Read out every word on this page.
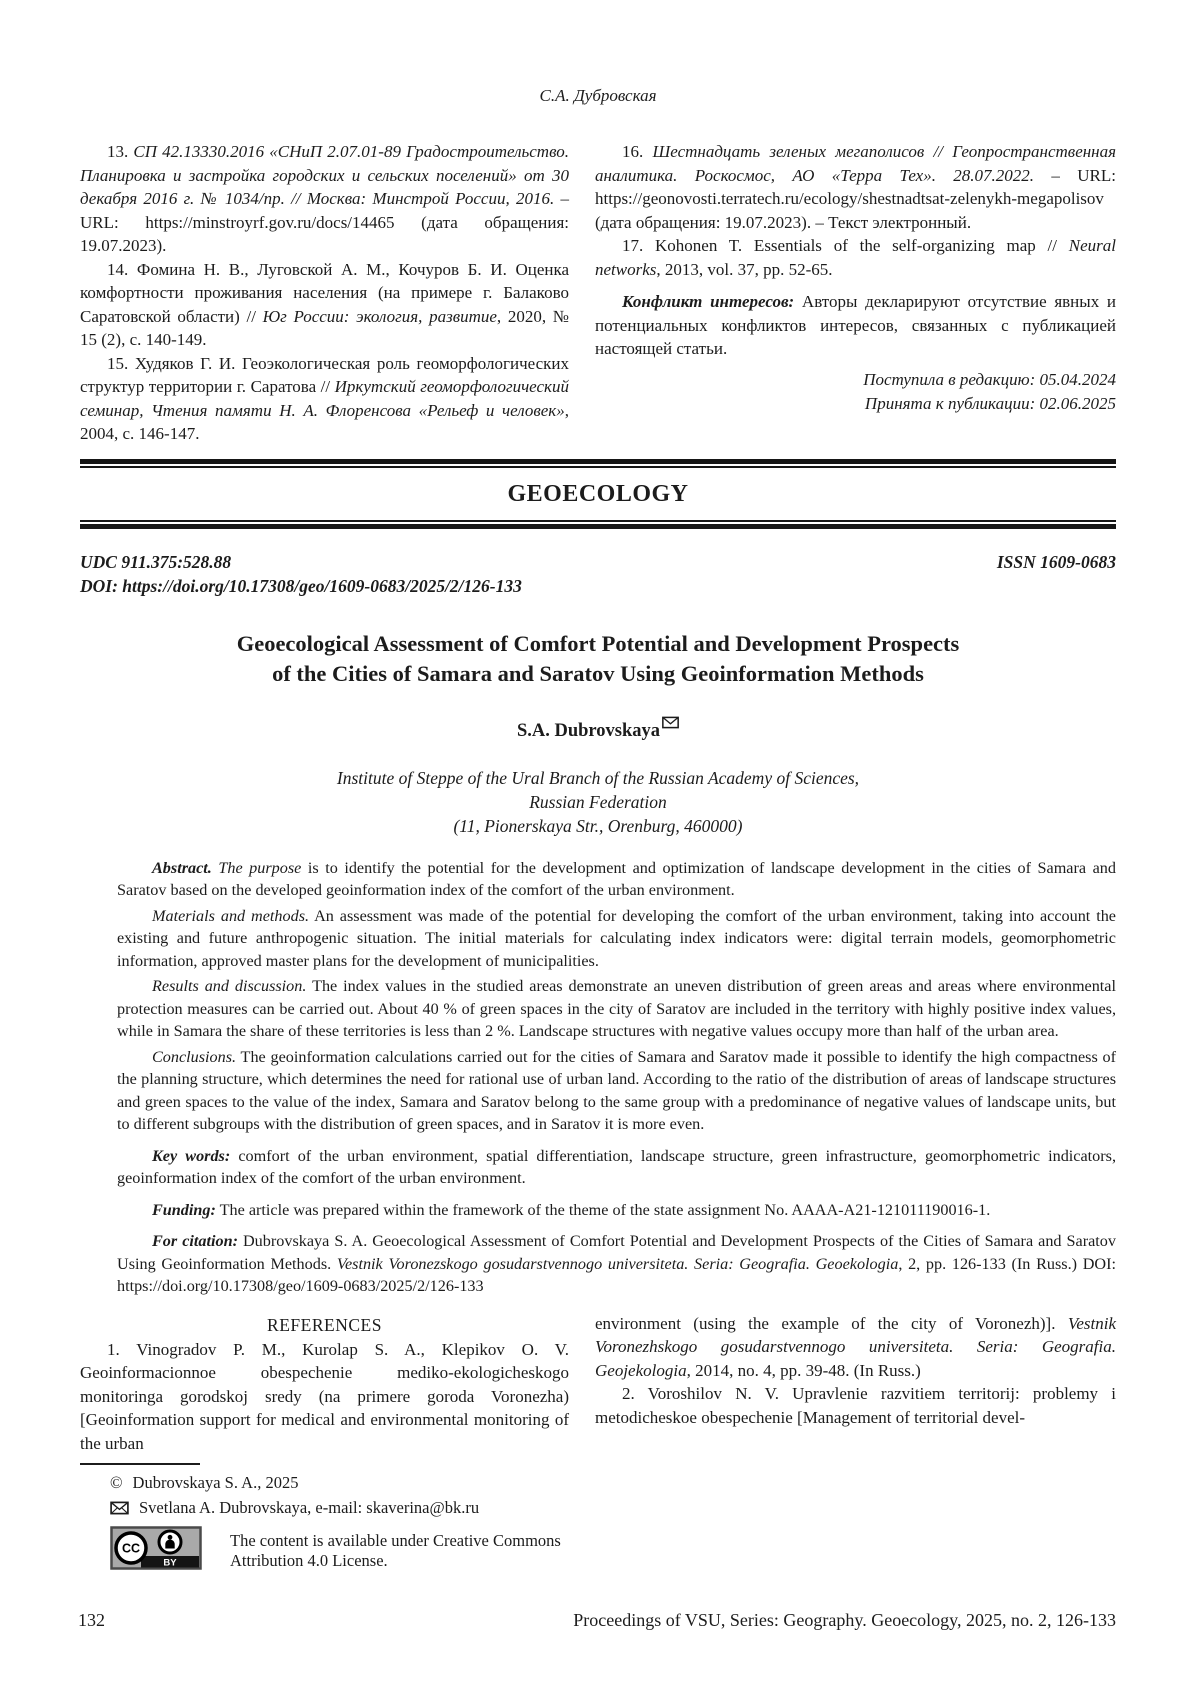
С.А. Дубровская

13. СП 42.13330.2016 «СНиП 2.07.01-89 Градостроительство. Планировка и застройка городских и сельских поселений» от 30 декабря 2016 г. № 1034/пр. // Москва: Минстрой России, 2016. – URL: https://minstroyrf.gov.ru/docs/14465 (дата обращения: 19.07.2023).

14. Фомина Н. В., Луговской А. М., Кочуров Б. И. Оценка комфортности проживания населения (на примере г. Балаково Саратовской области) // Юг России: экология, развитие, 2020, № 15 (2), с. 140-149.

15. Худяков Г. И. Геоэкологическая роль геоморфологических структур территории г. Саратова // Иркутский геоморфологический семинар, Чтения памяти Н. А. Флоренсова «Рельеф и человек», 2004, с. 146-147.

16. Шестнадцать зеленых мегаполисов // Геопространственная аналитика. Роскосмос, АО «Терра Тех». 28.07.2022. – URL: https://geonovosti.terratech.ru/ecology/shestnadtsat-zelenykh-megapolisov (дата обращения: 19.07.2023). – Текст электронный.

17. Kohonen T. Essentials of the self-organizing map // Neural networks, 2013, vol. 37, pp. 52-65.

Конфликт интересов: Авторы декларируют отсутствие явных и потенциальных конфликтов интересов, связанных с публикацией настоящей статьи.

Поступила в редакцию: 05.04.2024
Принята к публикации: 02.06.2025
GEOECOLOGY
UDC 911.375:528.88	ISSN 1609-0683
DOI: https://doi.org/10.17308/geo/1609-0683/2025/2/126-133
Geoecological Assessment of Comfort Potential and Development Prospects
of the Cities of Samara and Saratov Using Geoinformation Methods
S.A. Dubrovskaya
Institute of Steppe of the Ural Branch of the Russian Academy of Sciences,
Russian Federation
(11, Pionerskaya Str., Orenburg, 460000)

Abstract. The purpose is to identify the potential for the development and optimization of landscape development in the cities of Samara and Saratov based on the developed geoinformation index of the comfort of the urban environment.

Materials and methods. An assessment was made of the potential for developing the comfort of the urban environment, taking into account the existing and future anthropogenic situation. The initial materials for calculating index indicators were: digital terrain models, geomorphometric information, approved master plans for the development of municipalities.

Results and discussion. The index values in the studied areas demonstrate an uneven distribution of green areas and areas where environmental protection measures can be carried out. About 40 % of green spaces in the city of Saratov are included in the territory with highly positive index values, while in Samara the share of these territories is less than 2 %. Landscape structures with negative values occupy more than half of the urban area.

Conclusions. The geoinformation calculations carried out for the cities of Samara and Saratov made it possible to identify the high compactness of the planning structure, which determines the need for rational use of urban land. According to the ratio of the distribution of areas of landscape structures and green spaces to the value of the index, Samara and Saratov belong to the same group with a predominance of negative values of landscape units, but to different subgroups with the distribution of green spaces, and in Saratov it is more even.

Key words: comfort of the urban environment, spatial differentiation, landscape structure, green infrastructure, geomorphometric indicators, geoinformation index of the comfort of the urban environment.

Funding: The article was prepared within the framework of the theme of the state assignment No. AAAA-A21-121011190016-1.

For citation: Dubrovskaya S. A. Geoecological Assessment of Comfort Potential and Development Prospects of the Cities of Samara and Saratov Using Geoinformation Methods. Vestnik Voronezskogo gosudarstvennogo universiteta. Seria: Geografia. Geoekologia, 2, pp. 126-133 (In Russ.) DOI: https://doi.org/10.17308/geo/1609-0683/2025/2/126-133

REFERENCES

1. Vinogradov P. M., Kurolap S. A., Klepikov O. V. Geoinformacionnoe obespechenie mediko-ekologicheskogo monitoringa gorodskoj sredy (na primere goroda Voronezha) [Geoinformation support for medical and environmental monitoring of the urban

© Dubrovskaya S. A., 2025
Svetlana A. Dubrovskaya, e-mail: skaverina@bk.ru
BY
CC	The content is available under Creative Commons Attribution 4.0 License.

environment (using the example of the city of Voronezh)]. Vestnik Voronezhskogo gosudarstvennogo universiteta. Seria: Geografia. Geojekologia, 2014, no. 4, pp. 39-48. (In Russ.)

2. Voroshilov N. V. Upravlenie razvitiem territorij: problemy i metodicheskoe obespechenie [Management of territorial devel-

132	Proceedings of VSU, Series: Geography. Geoecology, 2025, no. 2, 126-133
